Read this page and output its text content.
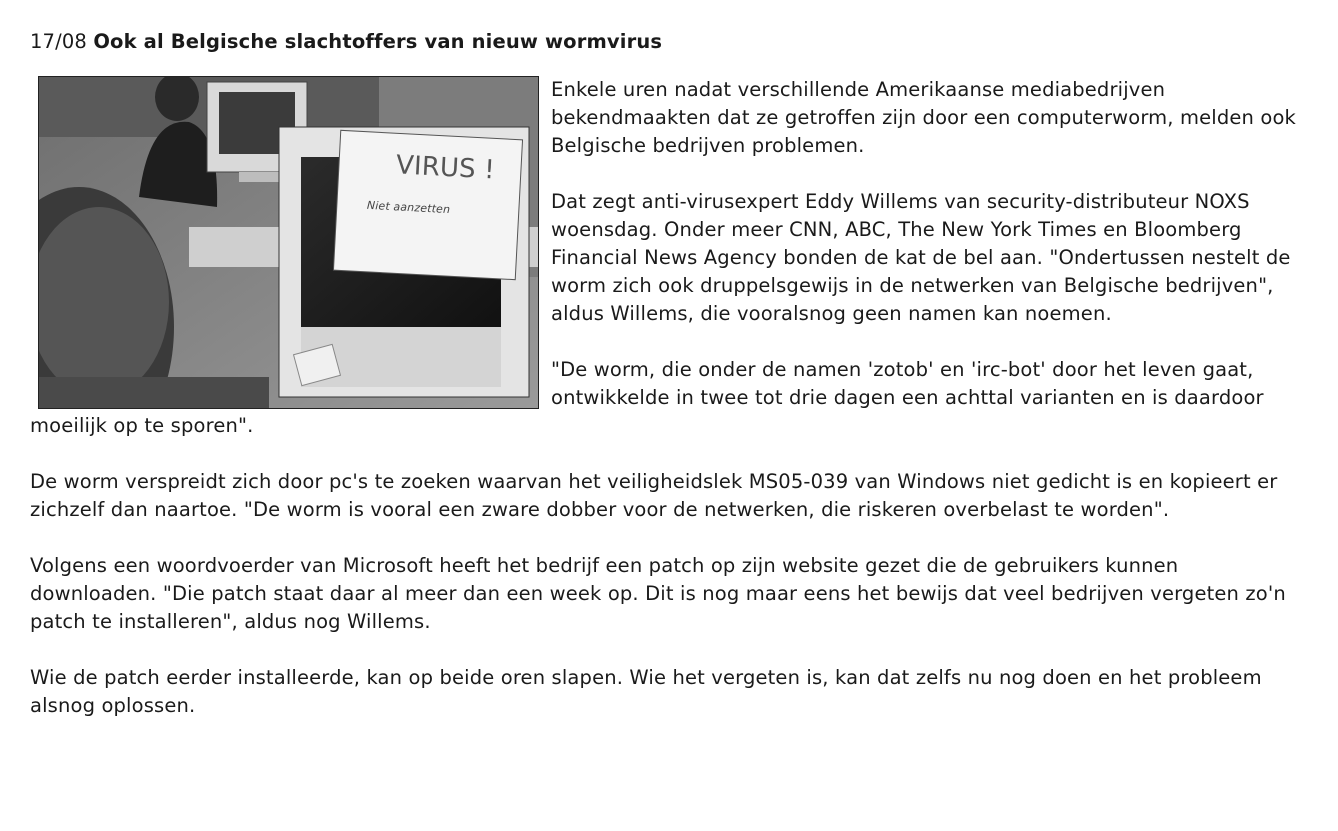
17/08 Ook al Belgische slachtoffers van nieuw wormvirus
VIRUS !
Niet aanzetten

Enkele uren nadat verschillende Amerikaanse mediabedrijven bekendmaakten dat ze getroffen zijn door een computerworm, melden ook Belgische bedrijven problemen.

Dat zegt anti-virusexpert Eddy Willems van security-distributeur NOXS woensdag. Onder meer CNN, ABC, The New York Times en Bloomberg Financial News Agency bonden de kat de bel aan. "Ondertussen nestelt de worm zich ook druppelsgewijs in de netwerken van Belgische bedrijven", aldus Willems, die vooralsnog geen namen kan noemen.

"De worm, die onder de namen 'zotob' en 'irc-bot' door het leven gaat, ontwikkelde in twee tot drie dagen een achttal varianten en is daardoor moeilijk op te sporen".

De worm verspreidt zich door pc's te zoeken waarvan het veiligheidslek MS05-039 van Windows niet gedicht is en kopieert er zichzelf dan naartoe. "De worm is vooral een zware dobber voor de netwerken, die riskeren overbelast te worden".

Volgens een woordvoerder van Microsoft heeft het bedrijf een patch op zijn website gezet die de gebruikers kunnen downloaden. "Die patch staat daar al meer dan een week op. Dit is nog maar eens het bewijs dat veel bedrijven vergeten zo'n patch te installeren", aldus nog Willems.

Wie de patch eerder installeerde, kan op beide oren slapen. Wie het vergeten is, kan dat zelfs nu nog doen en het probleem alsnog oplossen.
